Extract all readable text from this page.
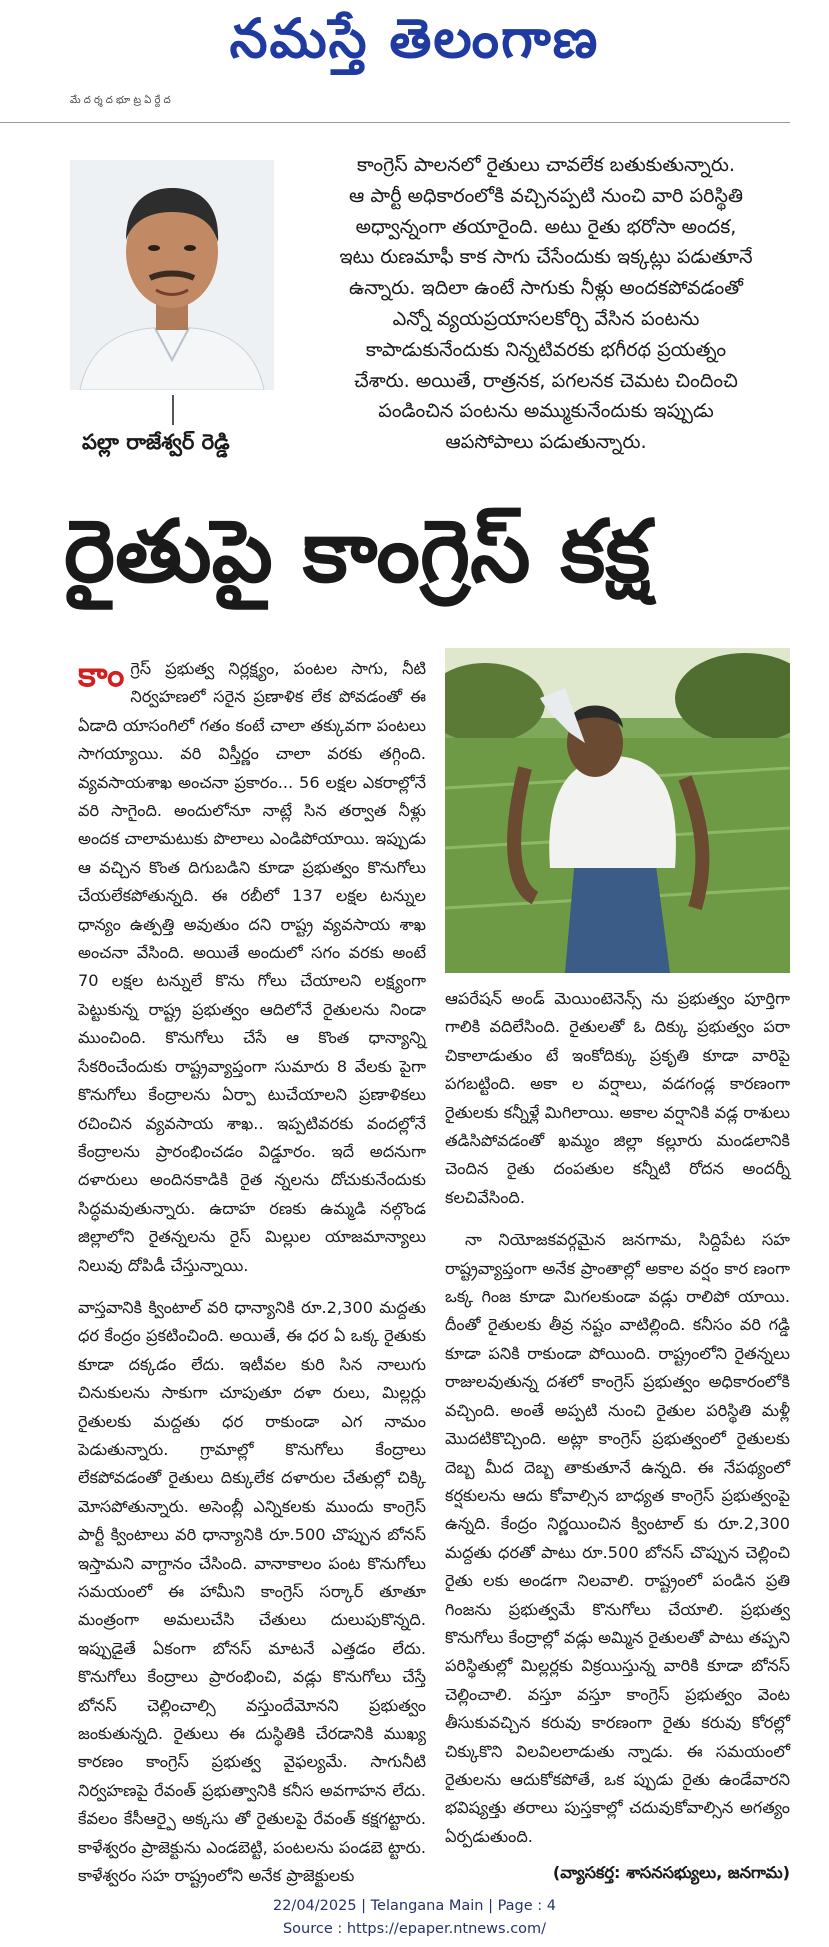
నమస్తే తెలంగాణ
మే ద ర్శ ద భూ ట్ర ఏ ర్దే ద
పల్లా రాజేశ్వర్ రెడ్డి

కాంగ్రెస్ పాలనలో రైతులు చావలేక బతుకుతున్నారు.

ఆ పార్టీ అధికారంలోకి వచ్చినప్పటి నుంచి వారి పరిస్థితి

అధ్వాన్నంగా తయారైంది. అటు రైతు భరోసా అందక,

ఇటు రుణమాఫీ కాక సాగు చేసేందుకు ఇక్కట్లు పడుతూనే

ఉన్నారు. ఇదిలా ఉంటే సాగుకు నీళ్లు అందకపోవడంతో

ఎన్నో వ్యయప్రయాసలకోర్చి వేసిన పంటను

కాపాడుకునేందుకు నిన్నటివరకు భగీరథ ప్రయత్నం

చేశారు. అయితే, రాత్రనక, పగలనక చెమట చిందించి

పండించిన పంటను అమ్ముకునేందుకు ఇప్పుడు

ఆపసోపాలు పడుతున్నారు.

రైతుపై కాంగ్రెస్ కక్ష

కాంగ్రెస్ ప్రభుత్వ నిర్లక్ష్యం, పంటల సాగు, నీటి నిర్వహణలో సరైన ప్రణాళిక లేక పోవడంతో ఈ ఏడాది యాసంగిలో గతం కంటే చాలా తక్కువగా పంటలు సాగయ్యాయి. వరి విస్తీర్ణం చాలా వరకు తగ్గింది. వ్యవసాయశాఖ అంచనా ప్రకారం... 56 లక్షల ఎకరాల్లోనే వరి సాగైంది. అందులోనూ నాట్లే సిన తర్వాత నీళ్లు అందక చాలామటుకు పొలాలు ఎండిపోయాయి. ఇప్పుడు ఆ వచ్చిన కొంత దిగుబడిని కూడా ప్రభుత్వం కొనుగోలు చేయలేకపోతున్నది. ఈ రబీలో 137 లక్షల టన్నుల ధాన్యం ఉత్పత్తి అవుతుం దని రాష్ట్ర వ్యవసాయ శాఖ అంచనా వేసింది. అయితే అందులో సగం వరకు అంటే 70 లక్షల టన్నులే కొను గోలు చేయాలని లక్ష్యంగా పెట్టుకున్న రాష్ట్ర ప్రభుత్వం ఆదిలోనే రైతులను నిండా ముంచింది. కొనుగోలు చేసే ఆ కొంత ధాన్యాన్ని సేకరించేందుకు రాష్ట్రవ్యాప్తంగా సుమారు 8 వేలకు పైగా కొనుగోలు కేంద్రాలను ఏర్పా టుచేయాలని ప్రణాళికలు రచించిన వ్యవసాయ శాఖ.. ఇప్పటివరకు వందల్లోనే కేంద్రాలను ప్రారంభించడం విడ్డూరం. ఇదే అదనుగా దళారులు అందినకాడికి రైత న్నలను దోచుకునేందుకు సిద్ధమవుతున్నారు. ఉదాహ రణకు ఉమ్మడి నల్గొండ జిల్లాలోని రైతన్నలను రైస్ మిల్లుల యాజమాన్యాలు నిలువు దోపిడీ చేస్తున్నాయి.

వాస్తవానికి క్వింటాల్ వరి ధాన్యానికి రూ.2,300 మద్దతు ధర కేంద్రం ప్రకటించింది. అయితే, ఈ ధర ఏ ఒక్క రైతుకు కూడా దక్కడం లేదు. ఇటీవల కురి సిన నాలుగు చినుకులను సాకుగా చూపుతూ దళా రులు, మిల్లర్లు రైతులకు మద్దతు ధర రాకుండా ఎగ నామం పెడుతున్నారు. గ్రామాల్లో కొనుగోలు కేంద్రాలు లేకపోవడంతో రైతులు దిక్కులేక దళారుల చేతుల్లో చిక్కి మోసపోతున్నారు. అసెంబ్లీ ఎన్నికలకు ముందు కాంగ్రెస్ పార్టీ క్వింటాలు వరి ధాన్యానికి రూ.500 చొప్పున బోనస్ ఇస్తామని వాగ్దానం చేసింది. వానాకాలం పంట కొనుగోలు సమయంలో ఈ హామీని కాంగ్రెస్ సర్కార్ తూతూ మంత్రంగా అమలుచేసి చేతులు దులుపుకొన్నది. ఇప్పుడైతే ఏకంగా బోనస్ మాటనే ఎత్తడం లేదు. కొనుగోలు కేంద్రాలు ప్రారంభించి, వడ్లు కొనుగోలు చేస్తే బోనస్ చెల్లించాల్సి వస్తుందేమోనని ప్రభుత్వం జంకుతున్నది. రైతులు ఈ దుస్థితికి చేరడానికి ముఖ్య కారణం కాంగ్రెస్ ప్రభుత్వ వైఫల్యమే. సాగునీటి నిర్వహణపై రేవంత్ ప్రభుత్వానికి కనీస అవగాహన లేదు. కేవలం కేసీఆర్పై అక్కసు తో రైతులపై రేవంత్ కక్షగట్టారు. కాళేశ్వరం ప్రాజెక్టును ఎండబెట్టి, పంటలను పండబె ట్టారు. కాళేశ్వరం సహ రాష్ట్రంలోని అనేక ప్రాజెక్టులకు

ఆపరేషన్ అండ్ మెయింటెనెన్స్ ను ప్రభుత్వం పూర్తిగా గాలికి వదిలేసింది. రైతులతో ఓ దిక్కు ప్రభుత్వం పరా చికాలాడుతుం టే ఇంకోదిక్కు ప్రకృతి కూడా వారిపై పగబట్టింది. అకా ల వర్షాలు, వడగండ్ల కారణంగా రైతులకు కన్నీళ్లే మిగిలాయి. అకాల వర్షానికి వడ్ల రాశులు తడిసిపోవడంతో ఖమ్మం జిల్లా కల్లూరు మండలానికి చెందిన రైతు దంపతుల కన్నీటి రోదన అందర్నీ కలచివేసింది.

నా నియోజకవర్గమైన జనగామ, సిద్దిపేట సహ రాష్ట్రవ్యాప్తంగా అనేక ప్రాంతాల్లో అకాల వర్షం కార ణంగా ఒక్క గింజ కూడా మిగలకుండా వడ్లు రాలిపో యాయి. దీంతో రైతులకు తీవ్ర నష్టం వాటిల్లింది. కనీసం వరి గడ్డి కూడా పనికి రాకుండా పోయింది. రాష్ట్రంలోని రైతన్నలు రాజులవుతున్న దశలో కాంగ్రెస్ ప్రభుత్వం అధికారంలోకి వచ్చింది. అంతే అప్పటి నుంచి రైతుల పరిస్థితి మళ్లీ మొదటికొచ్చింది. అట్లా కాంగ్రెస్ ప్రభుత్వంలో రైతులకు దెబ్బ మీద దెబ్బ తాకుతూనే ఉన్నది. ఈ నేపథ్యంలో కర్షకులను ఆదు కోవాల్సిన బాధ్యత కాంగ్రెస్ ప్రభుత్వంపై ఉన్నది. కేంద్రం నిర్ణయించిన క్వింటాల్ కు రూ.2,300 మద్దతు ధరతో పాటు రూ.500 బోనస్ చొప్పున చెల్లించి రైతు లకు అండగా నిలవాలి. రాష్ట్రంలో పండిన ప్రతి గింజను ప్రభుత్వమే కొనుగోలు చేయాలి. ప్రభుత్వ కొనుగోలు కేంద్రాల్లో వడ్లు అమ్మిన రైతులతో పాటు తప్పని పరిస్థితుల్లో మిల్లర్లకు విక్రయిస్తున్న వారికి కూడా బోనస్ చెల్లించాలి. వస్తూ వస్తూ కాంగ్రెస్ ప్రభుత్వం వెంట తీసుకువచ్చిన కరువు కారణంగా రైతు కరువు కోరల్లో చిక్కుకొని విలవిలలాడుతు న్నాడు. ఈ సమయంలో రైతులను ఆదుకోకపోతే, ఒక ప్పుడు రైతు ఉండేవారని భవిష్యత్తు తరాలు పుస్తకాల్లో చదువుకోవాల్సిన అగత్యం ఏర్పడుతుంది.

(వ్యాసకర్త: శాసనసభ్యులు, జనగామ)
22/04/2025 | Telangana Main | Page : 4
Source : https://epaper.ntnews.com/
